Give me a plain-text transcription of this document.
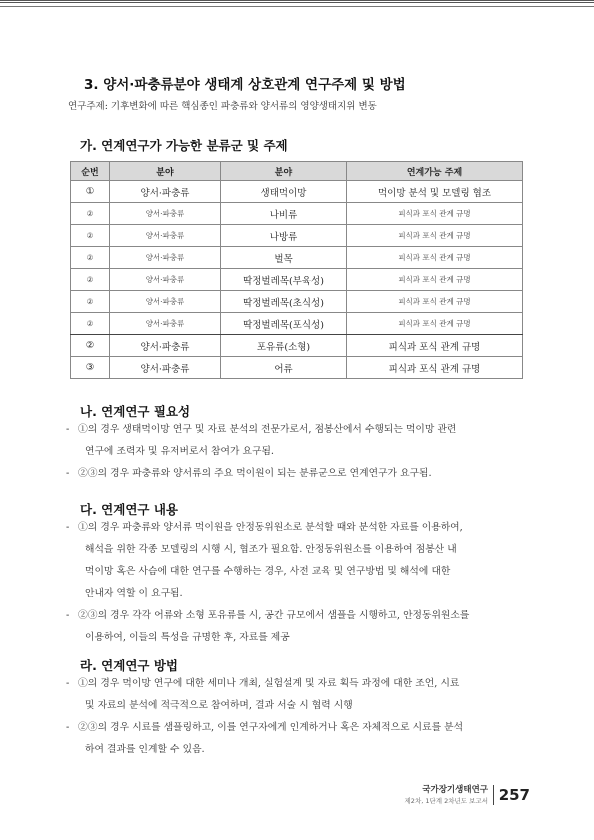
3. 양서·파충류분야 생태계 상호관계 연구주제 및 방법
연구주제: 기후변화에 따른 핵심종인 파충류와 양서류의 영양생태지위 변동
가. 연계연구가 가능한 분류군 및 주제
순번	분야	분야	연계가능 주제
①	양서·파충류	생태먹이망	먹이망 분석 및 모델링 협조
②	양서·파충류	나비류	피식과 포식 관계 규명
②	양서·파충류	나방류	피식과 포식 관계 규명
②	양서·파충류	벌목	피식과 포식 관계 규명
②	양서·파충류	딱정벌레목(부육성)	피식과 포식 관계 규명
②	양서·파충류	딱정벌레목(초식성)	피식과 포식 관계 규명
②	양서·파충류	딱정벌레목(포식성)	피식과 포식 관계 규명
②	양서·파충류	포유류(소형)	피식과 포식 관계 규명
③	양서·파충류	어류	피식과 포식 관계 규명
나. 연계연구 필요성
- ①의 경우 생태먹이망 연구 및 자료 분석의 전문가로서, 점봉산에서 수행되는 먹이망 관련
연구에 조력자 및 유저버로서 참여가 요구됨.
- ②③의 경우 파충류와 양서류의 주요 먹이원이 되는 분류군으로 연계연구가 요구됨.
다. 연계연구 내용
- ①의 경우 파충류와 양서류 먹이원을 안정동위원소로 분석할 때와 분석한 자료를 이용하여,
해석을 위한 각종 모델링의 시행 시, 협조가 필요함. 안정동위원소를 이용하여 점봉산 내
먹이망 혹은 사슴에 대한 연구를 수행하는 경우, 사전 교육 및 연구방법 및 해석에 대한
안내자 역할 이 요구됨.
- ②③의 경우 각각 어류와 소형 포유류를 시, 공간 규모에서 샘플을 시행하고, 안정동위원소를
이용하여, 이들의 특성을 규명한 후, 자료를 제공
라. 연계연구 방법
- ①의 경우 먹이망 연구에 대한 세미나 개최, 실험설계 및 자료 획득 과정에 대한 조언, 시료
및 자료의 분석에 적극적으로 참여하며, 결과 서술 시 협력 시행
- ②③의 경우 시료를 샘플링하고, 이를 연구자에게 인계하거나 혹은 자체적으로 시료를 분석
하여 결과를 인계할 수 있음.
국가장기생태연구
제2차, 1단계 2차년도 보고서 257
